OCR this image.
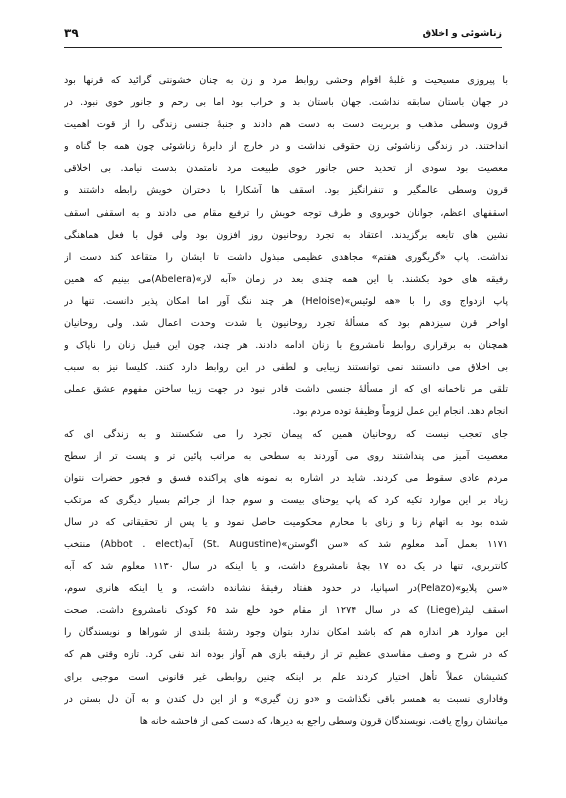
زناشوئی و اخلاق
۳۹
با پیروزی مسیحیت و غلبهٔ اقوام وحشی روابط مرد و زن به چنان خشونتی گرائید که قرنها بود
در جهان باستان سابقه نداشت. جهان باستان بد و خراب بود اما بی رحم و جانور خوی نبود. در
قرون وسطی مذهب و بربریت دست به دست هم دادند و جنبهٔ جنسی زندگی را از قوت اهمیت
انداختند. در زندگی زناشوئی زن حقوقی نداشت و در خارج از دایرهٔ زناشوئی چون همه جا گناه و
معصیت بود سودی از تحدید حس جانور خوی طبیعت مرد نامتمدن بدست نیامد. بی اخلاقی
قرون وسطی عالمگیر و تنفرانگیز بود. اسقف ها آشکارا با دختران خویش رابطه داشتند و
اسقفهای اعظم، جوانان خوبروی و طرف توجه خویش را ترفیع مقام می دادند و به اسقفی اسقف
نشین های تابعه برگزیدند. اعتقاد به تجرد روحانیون روز افزون بود ولی قول با فعل هماهنگی
نداشت. پاپ «گریگوری هفتم» مجاهدی عظیمی مبذول داشت تا ایشان را متقاعد کند دست از
رفیقه های خود بکشند. با این همه چندی بعد در زمان «آبه لار»(Abelera)می بینیم که همین
پاپ ازدواج وی را با «هه لوئیس»(Heloise) هر چند ننگ آور اما امکان پذیر دانست. تنها در
اواخر قرن سیزدهم بود که مسألهٔ تجرد روحانیون یا شدت وحدت اعمال شد. ولی روحانیان
همچنان به برقراری روابط نامشروع با زنان ادامه دادند. هر چند، چون این قبیل زنان را ناپاک و
بی اخلاق می دانستند نمی توانستند زیبایی و لطفی در این روابط دارد کنند. کلیسا نیز به سبب
تلقی مر ناخمانه ای که از مسألهٔ جنسی داشت قادر نبود در جهت زیبا ساختن مفهوم عشق عملی
انجام دهد. انجام این عمل لزوماً وظیفهٔ توده مردم بود.
جای تعجب نیست که روحانیان همین که پیمان تجرد را می شکستند و به زندگی ای که
معصیت آمیز می پنداشتند روی می آوردند به سطحی به مراتب پائین تر و پست تر از سطح
مردم عادی سقوط می کردند. شاید در اشاره به نمونه های پراکنده فسق و فجور حضرات نتوان
زیاد بر این موارد تکیه کرد که پاپ یوحنای بیست و سوم جدا از جرائم بسیار دیگری که مرتکب
شده بود به اتهام زنا و زنای با محارم محکومیت حاصل نمود و یا پس از تحقیقاتی که در سال
۱۱۷۱ بعمل آمد معلوم شد که «سن اگوستن»(St. Augustine) آبه(Abbot . elect) منتخب
کانتربری، تنها در یک ده ۱۷ بچهٔ نامشروع داشت، و یا اینکه در سال ۱۱۳۰ معلوم شد که آبه
«سن پلایو»(Pelazo)در اسپانیا، در حدود هفتاد رفیقهٔ نشانده داشت، و یا اینکه هانری سوم،
اسقف لیثر(Liege) که در سال ۱۲۷۴ از مقام خود خلع شد ۶۵ کودک نامشروع داشت. صحت
این موارد هر اندازه هم که باشد امکان ندارد بتوان وجود رشتهٔ بلندی از شوراها و نویسندگان را
که در شرح و وصف مفاسدی عظیم تر از رفیقه بازی هم آواز بوده اند نفی کرد. تازه وقتی هم که
کشیشان عملاً تأهل اختیار کردند علم بر اینکه چنین روابطی غیر قانونی است موجبی برای
وفاداری نسبت به همسر باقی نگذاشت و «دو زن گیری» و از این دل کندن و به آن دل بستن در
میانشان رواج یافت. نویسندگان قرون وسطی راجع به دیرها، که دست کمی از فاحشه خانه ها
